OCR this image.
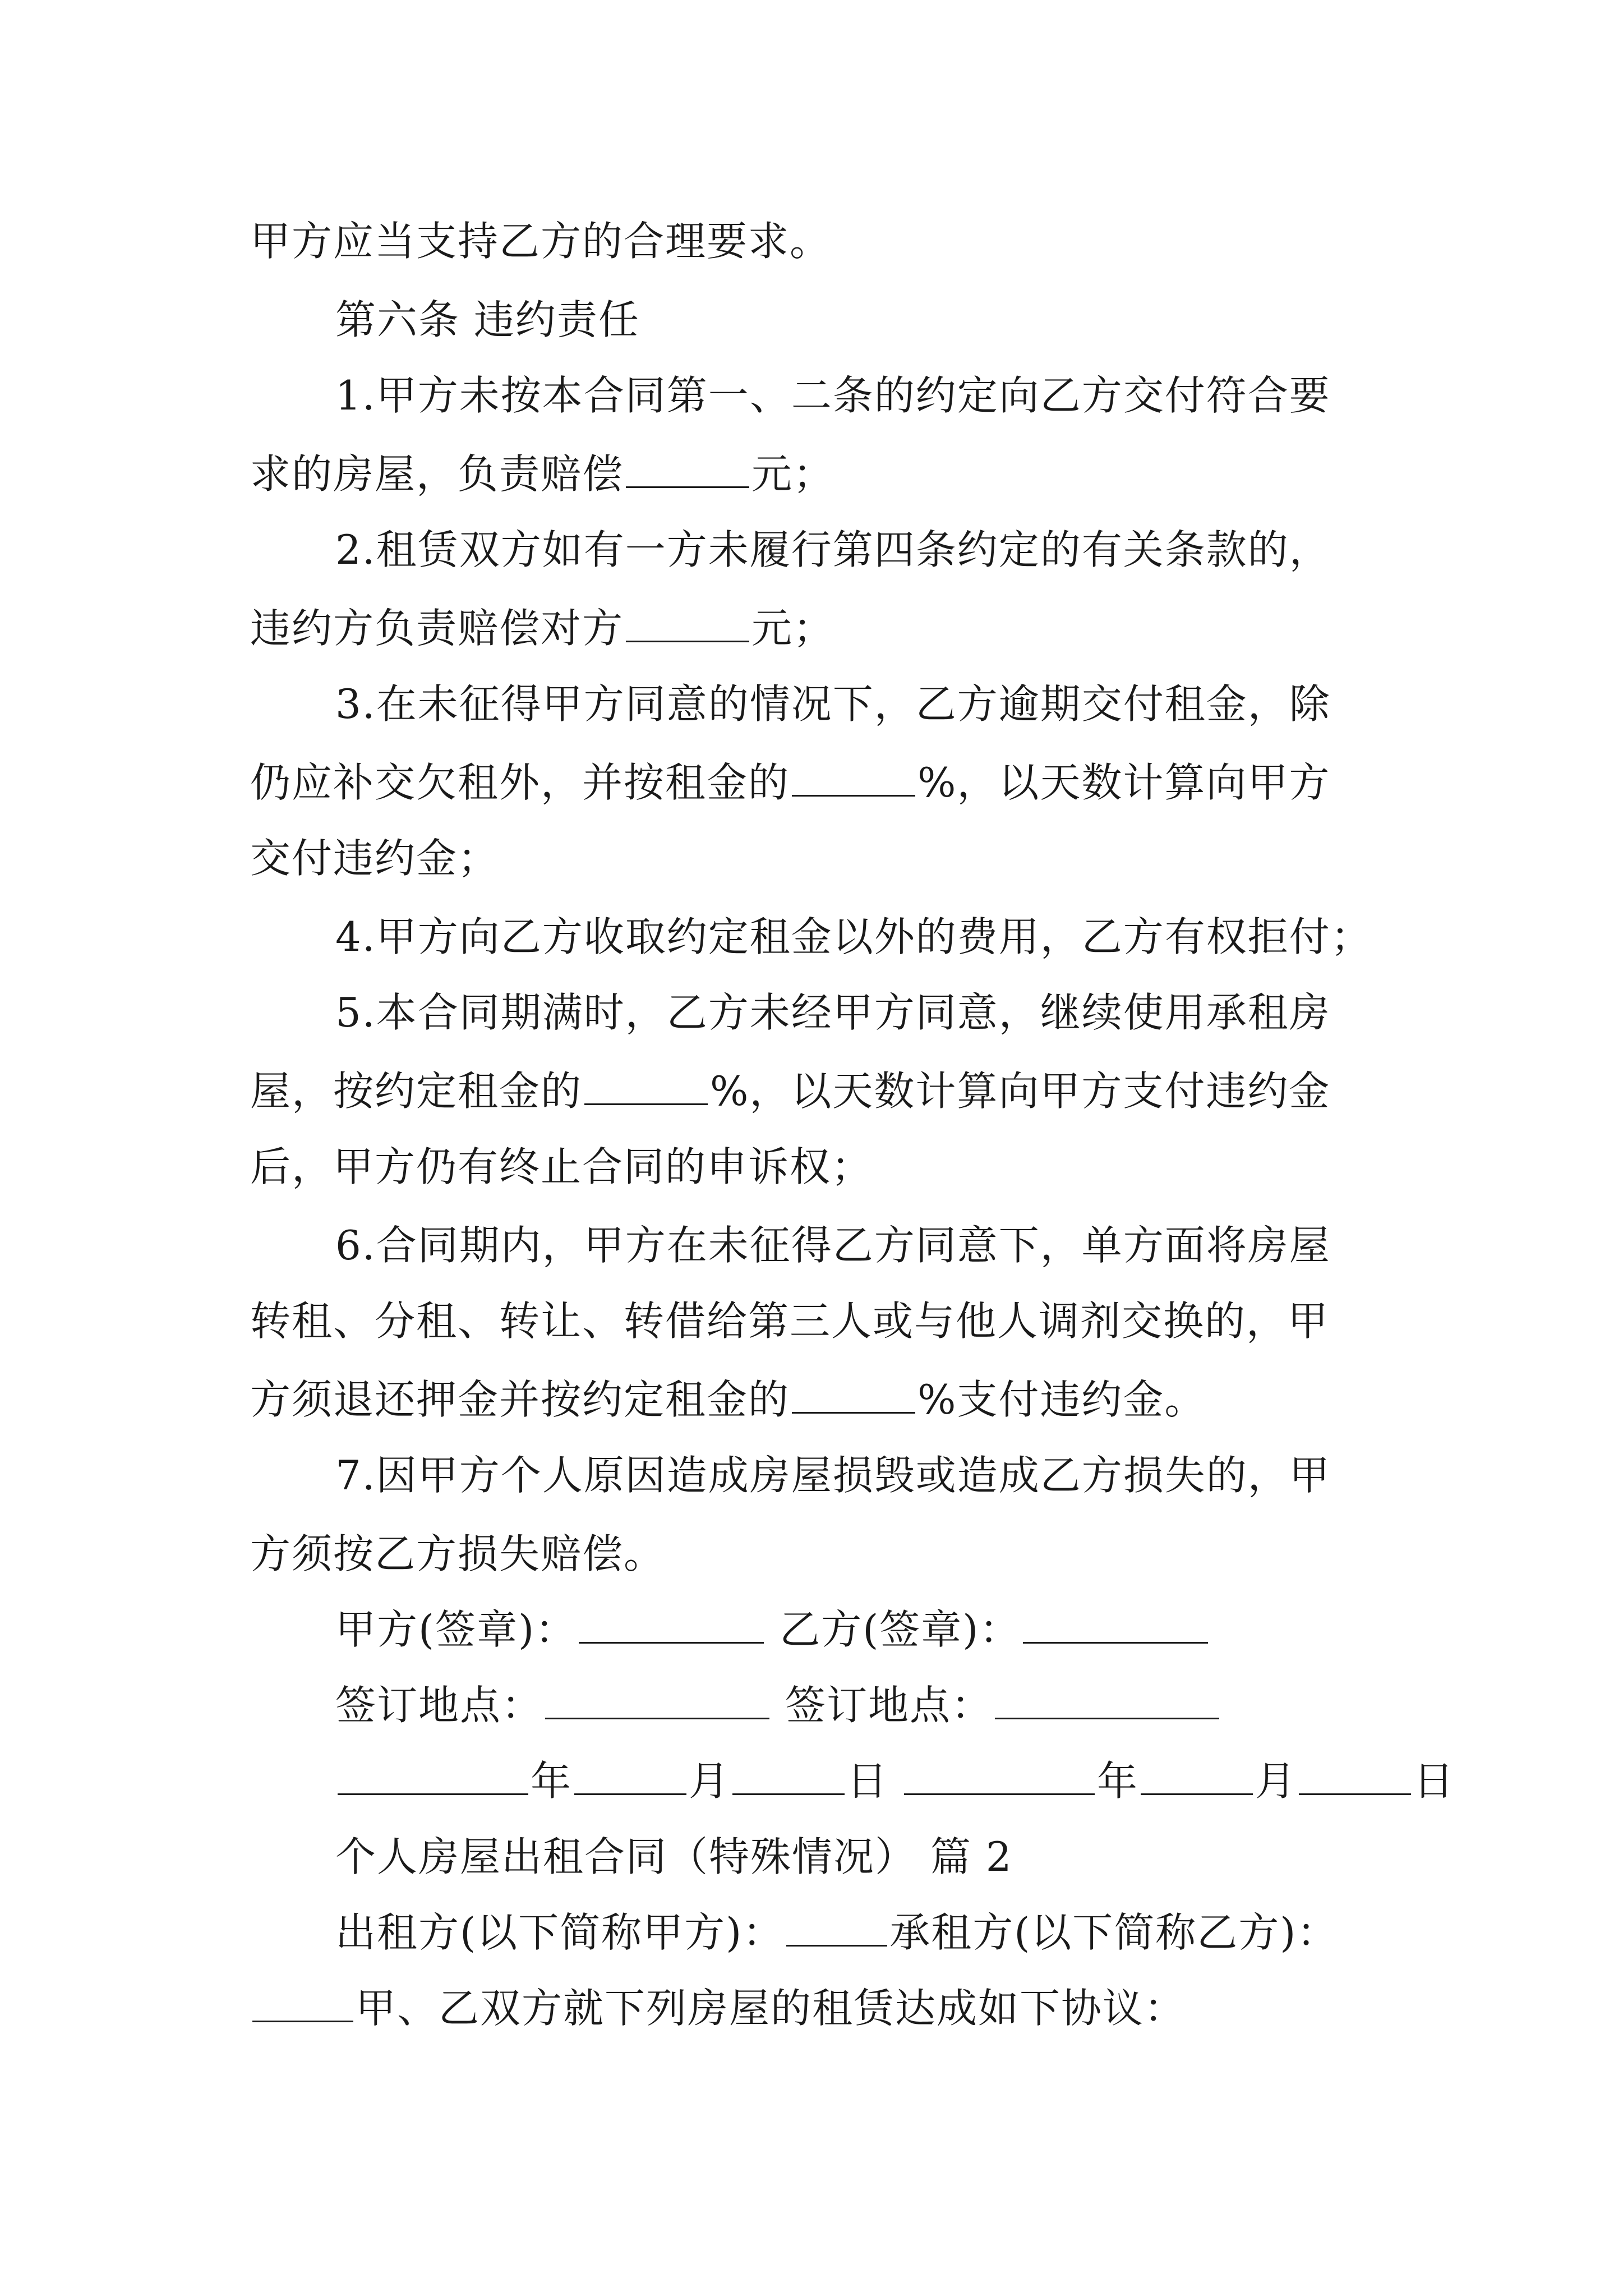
甲方应当支持乙方的合理要求。
第六条 违约责任
1.甲方未按本合同第一、二条的约定向乙方交付符合要
求的房屋，负责赔偿	元；
2.租赁双方如有一方未履行第四条约定的有关条款的，
违约方负责赔偿对方	元；
3.在未征得甲方同意的情况下，乙方逾期交付租金，除
仍应补交欠租外，并按租金的	%，以天数计算向甲方
交付违约金；
4.甲方向乙方收取约定租金以外的费用，乙方有权拒付；
5.本合同期满时，乙方未经甲方同意，继续使用承租房
屋，按约定租金的	%，以天数计算向甲方支付违约金
后，甲方仍有终止合同的申诉权；
6.合同期内，甲方在未征得乙方同意下，单方面将房屋
转租、分租、转让、转借给第三人或与他人调剂交换的，甲
方须退还押金并按约定租金的	%支付违约金。
7.因甲方个人原因造成房屋损毁或造成乙方损失的，甲
方须按乙方损失赔偿。
甲方(签章)：	乙方(签章)：
签订地点：	签订地点：
年	月	日	年	月	日
个人房屋出租合同（特殊情况） 篇 2
出租方(以下简称甲方)：	承租方(以下简称乙方)：
甲、乙双方就下列房屋的租赁达成如下协议：
